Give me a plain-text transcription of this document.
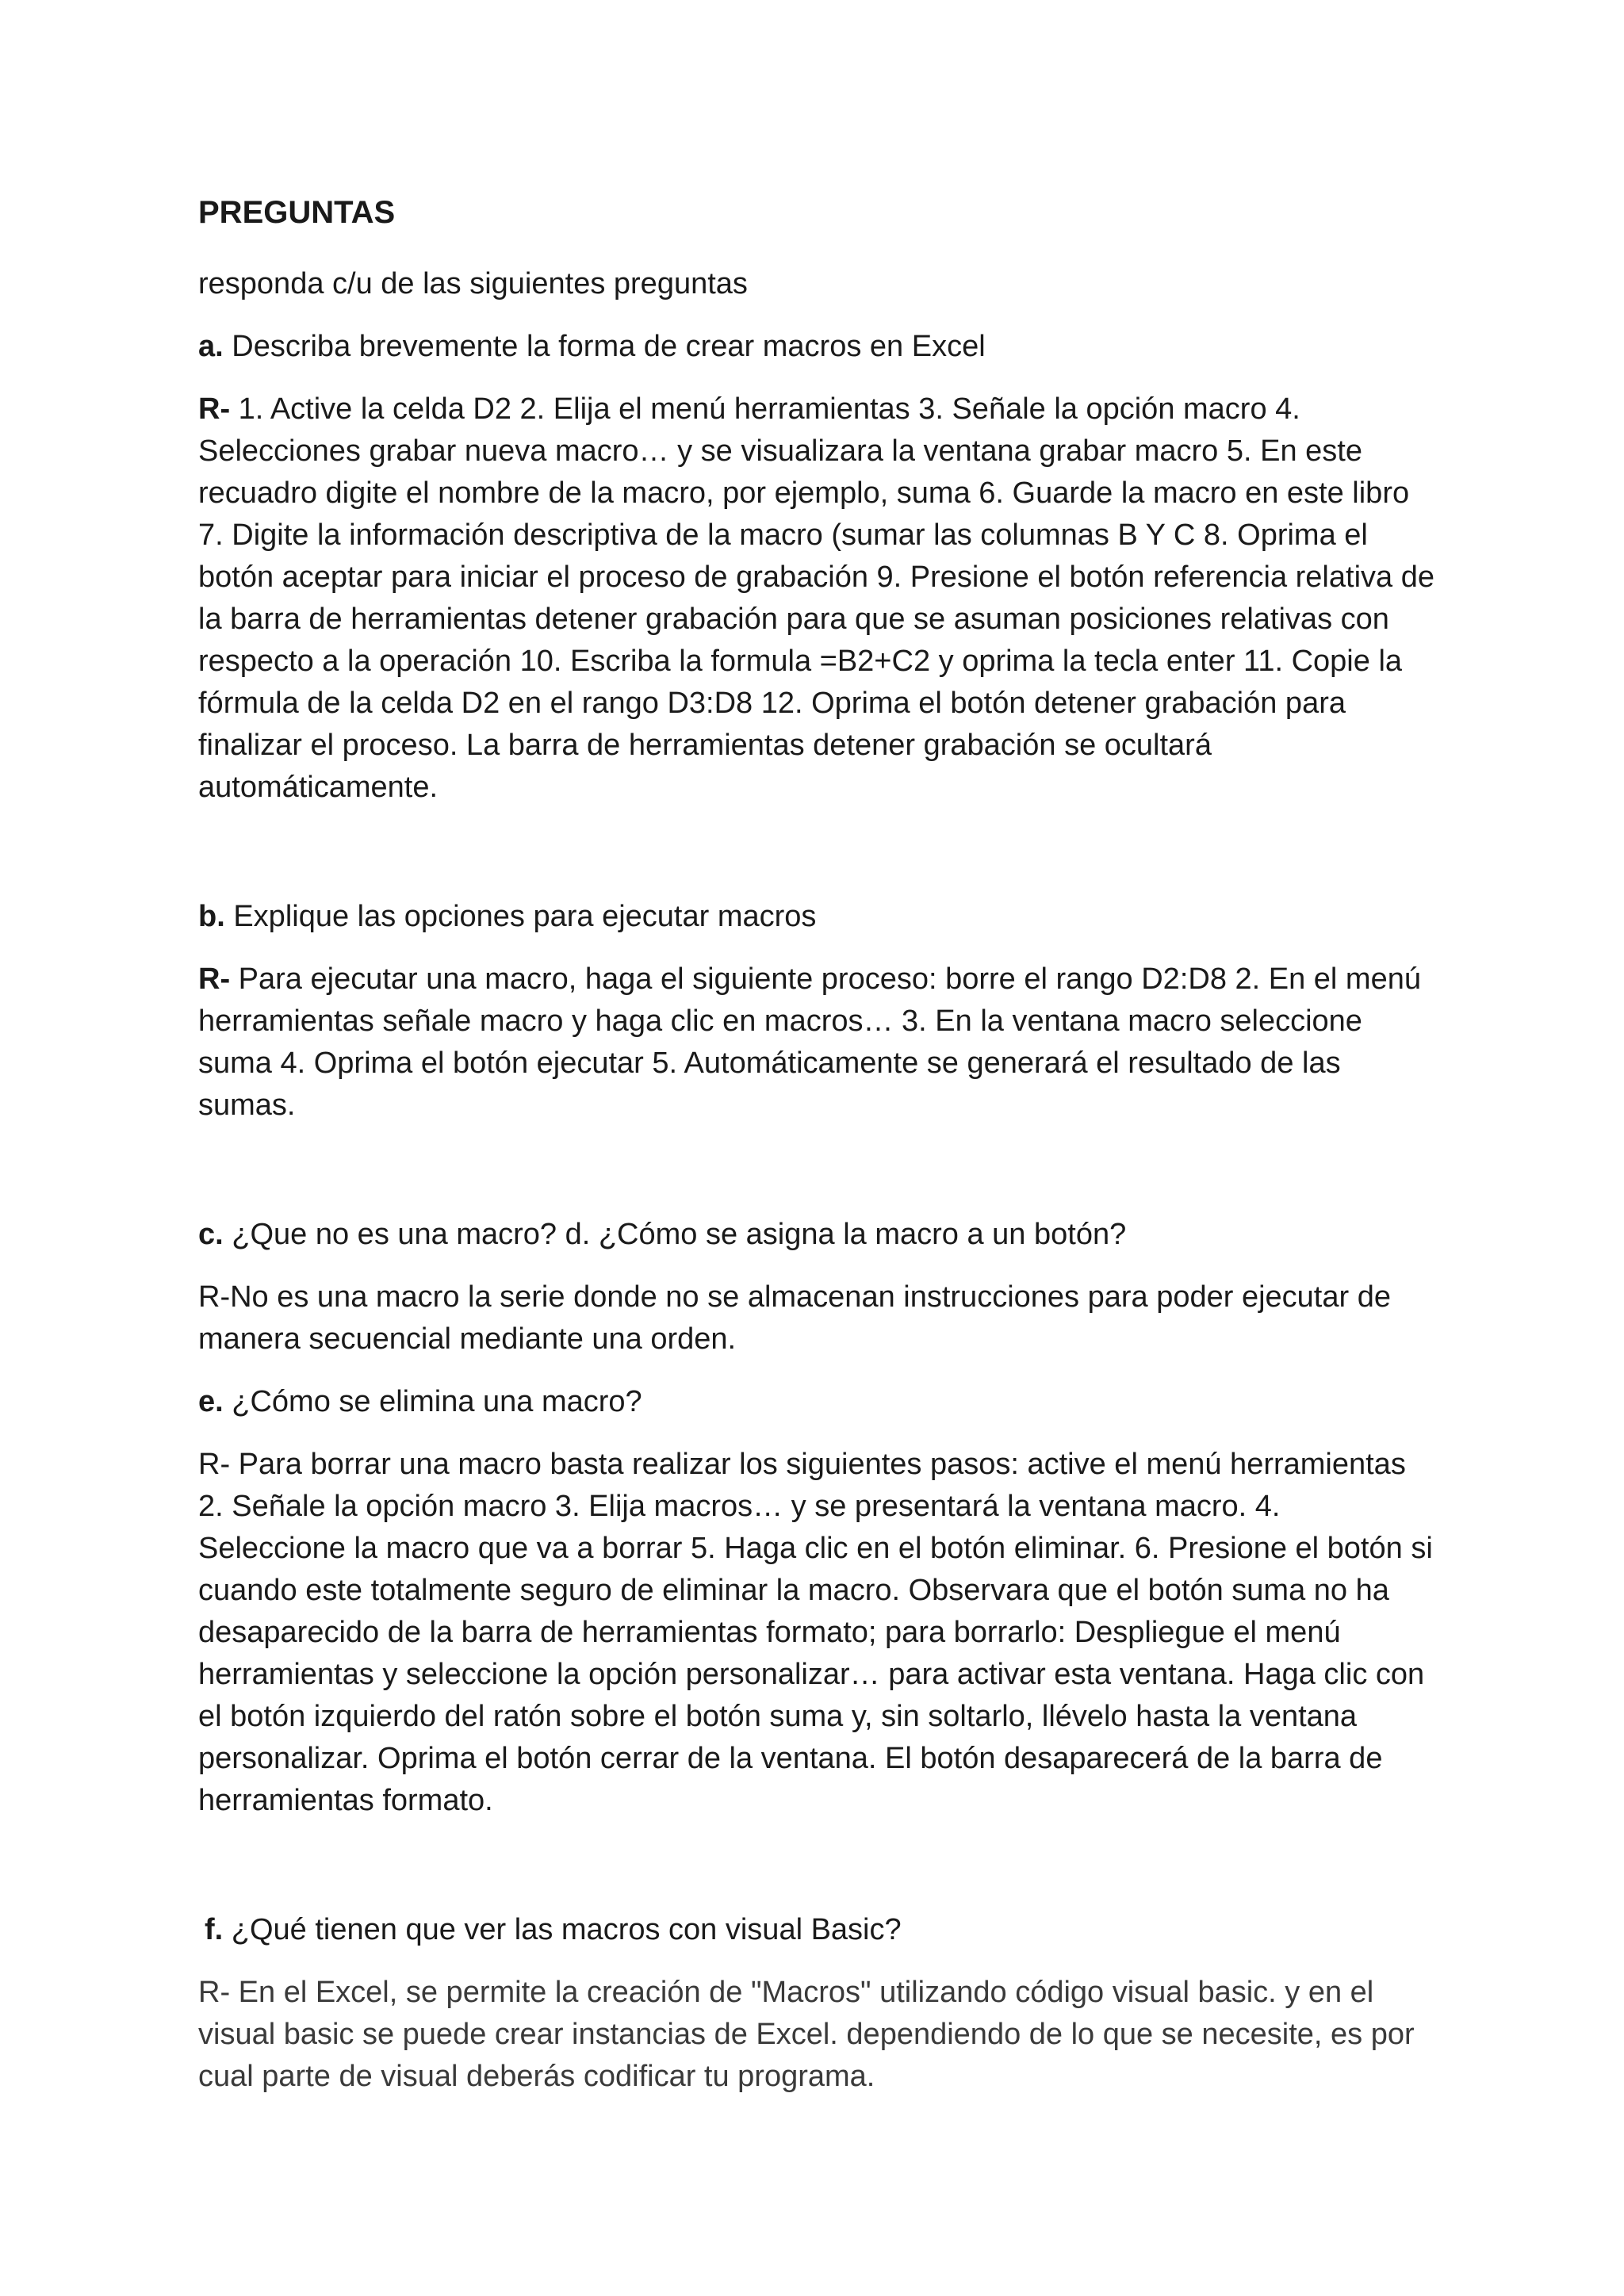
PREGUNTAS
responda c/u de las siguientes preguntas
a. Describa brevemente la forma de crear macros en Excel
R- 1. Active la celda D2 2. Elija el menú herramientas 3. Señale la opción macro 4. Selecciones grabar nueva macro… y se visualizara la ventana grabar macro 5. En este recuadro digite el nombre de la macro, por ejemplo, suma 6. Guarde la macro en este libro 7. Digite la información descriptiva de la macro (sumar las columnas B Y C 8. Oprima el botón aceptar para iniciar el proceso de grabación 9. Presione el botón referencia relativa de la barra de herramientas detener grabación para que se asuman posiciones relativas con respecto a la operación 10. Escriba la formula =B2+C2 y oprima la tecla enter 11. Copie la fórmula de la celda D2 en el rango D3:D8 12. Oprima el botón detener grabación para finalizar el proceso. La barra de herramientas detener grabación se ocultará automáticamente.
b. Explique las opciones para ejecutar macros
R- Para ejecutar una macro, haga el siguiente proceso: borre el rango D2:D8 2. En el menú herramientas señale macro y haga clic en macros… 3. En la ventana macro seleccione suma 4. Oprima el botón ejecutar 5. Automáticamente se generará el resultado de las sumas.
c. ¿Que no es una macro? d. ¿Cómo se asigna la macro a un botón?
R-No es una macro la serie donde no se almacenan instrucciones para poder ejecutar de manera secuencial mediante una orden.
e. ¿Cómo se elimina una macro?
R- Para borrar una macro basta realizar los siguientes pasos: active el menú herramientas 2. Señale la opción macro 3. Elija macros… y se presentará la ventana macro. 4. Seleccione la macro que va a borrar 5. Haga clic en el botón eliminar. 6. Presione el botón si cuando este totalmente seguro de eliminar la macro. Observara que el botón suma no ha desaparecido de la barra de herramientas formato; para borrarlo: Despliegue el menú herramientas y seleccione la opción personalizar… para activar esta ventana. Haga clic con el botón izquierdo del ratón sobre el botón suma y, sin soltarlo, llévelo hasta la ventana personalizar. Oprima el botón cerrar de la ventana. El botón desaparecerá de la barra de herramientas formato.
f. ¿Qué tienen que ver las macros con visual Basic?
R- En el Excel, se permite la creación de "Macros" utilizando código visual basic. y en el visual basic se puede crear instancias de Excel. dependiendo de lo que se necesite, es por cual parte de visual deberás codificar tu programa.
